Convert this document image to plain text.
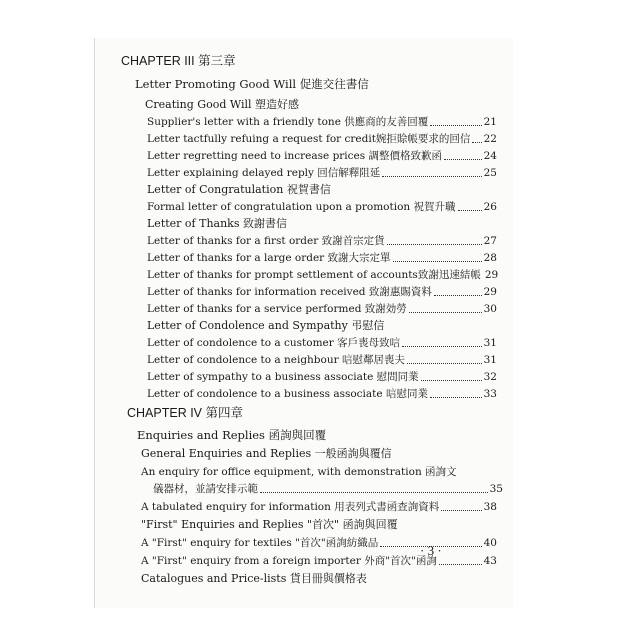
CHAPTER III 第三章
Letter Promoting Good Will 促進交往書信
Creating Good Will 塑造好感
Supplier's letter with a friendly tone 供應商的友善回覆	21
Letter tactfully refuing a request for credit婉拒賒帳要求的回信 22
Letter regretting need to increase prices 調整價格致歉函	24
Letter explaining delayed reply 回信解釋阻延	25
Letter of Congratulation 祝賀書信
Formal letter of congratulation upon a promotion 祝賀升職	26
Letter of Thanks 致謝書信
Letter of thanks for a first order 致謝首宗定貨	27
Letter of thanks for a large order 致謝大宗定單	28
Letter of thanks for prompt settlement of accounts致謝迅速結帳 29
Letter of thanks for information received 致謝惠賜資料	29
Letter of thanks for a service performed 致謝効勞	30
Letter of Condolence and Sympathy 弔慰信
Letter of condolence to a customer 客戶喪母致唁	31
Letter of condolence to a neighbour 唁慰鄰居喪夫	31
Letter of sympathy to a business associate 慰問同業	32
Letter of condolence to a business associate 唁慰同業	33
CHAPTER IV 第四章
Enquiries and Replies 函詢與回覆
General Enquiries and Replies 一般函詢與覆信
An enquiry for office equipment, with demonstration 函詢文
儀器材，並請安排示範	35
A tabulated enquiry for information 用表列式書函查詢資料	38
"First" Enquiries and Replies "首次" 函詢與回覆
A "First" enquiry for textiles "首次"函詢紡織品	40
A "First" enquiry from a foreign importer 外商"首次"函詢	43
Catalogues and Price-lists 貨目冊與價格表
· 3 ·
